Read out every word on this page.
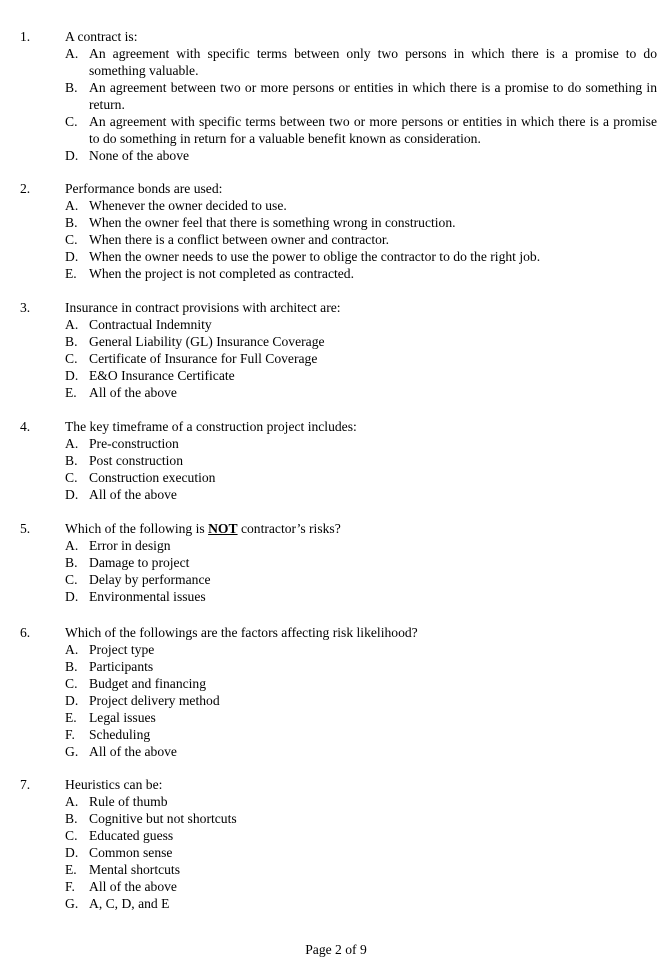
1.	A contract is:
A. An agreement with specific terms between only two persons in which there is a promise to do something valuable.
B. An agreement between two or more persons or entities in which there is a promise to do something in return.
C. An agreement with specific terms between two or more persons or entities in which there is a promise to do something in return for a valuable benefit known as consideration.
D. None of the above
2.	Performance bonds are used:
A. Whenever the owner decided to use.
B. When the owner feel that there is something wrong in construction.
C. When there is a conflict between owner and contractor.
D. When the owner needs to use the power to oblige the contractor to do the right job.
E. When the project is not completed as contracted.
3.	Insurance in contract provisions with architect are:
A. Contractual Indemnity
B. General Liability (GL) Insurance Coverage
C. Certificate of Insurance for Full Coverage
D. E&O Insurance Certificate
E. All of the above
4.	The key timeframe of a construction project includes:
A. Pre-construction
B. Post construction
C. Construction execution
D. All of the above
5.	Which of the following is NOT contractor’s risks?
A. Error in design
B. Damage to project
C. Delay by performance
D. Environmental issues
6.	Which of the followings are the factors affecting risk likelihood?
A. Project type
B. Participants
C. Budget and financing
D. Project delivery method
E. Legal issues
F.	Scheduling
G. All of the above
7.	Heuristics can be:
A. Rule of thumb
B. Cognitive but not shortcuts
C. Educated guess
D. Common sense
E. Mental shortcuts
F.	All of the above
G. A, C, D, and E
Page 2 of 9
